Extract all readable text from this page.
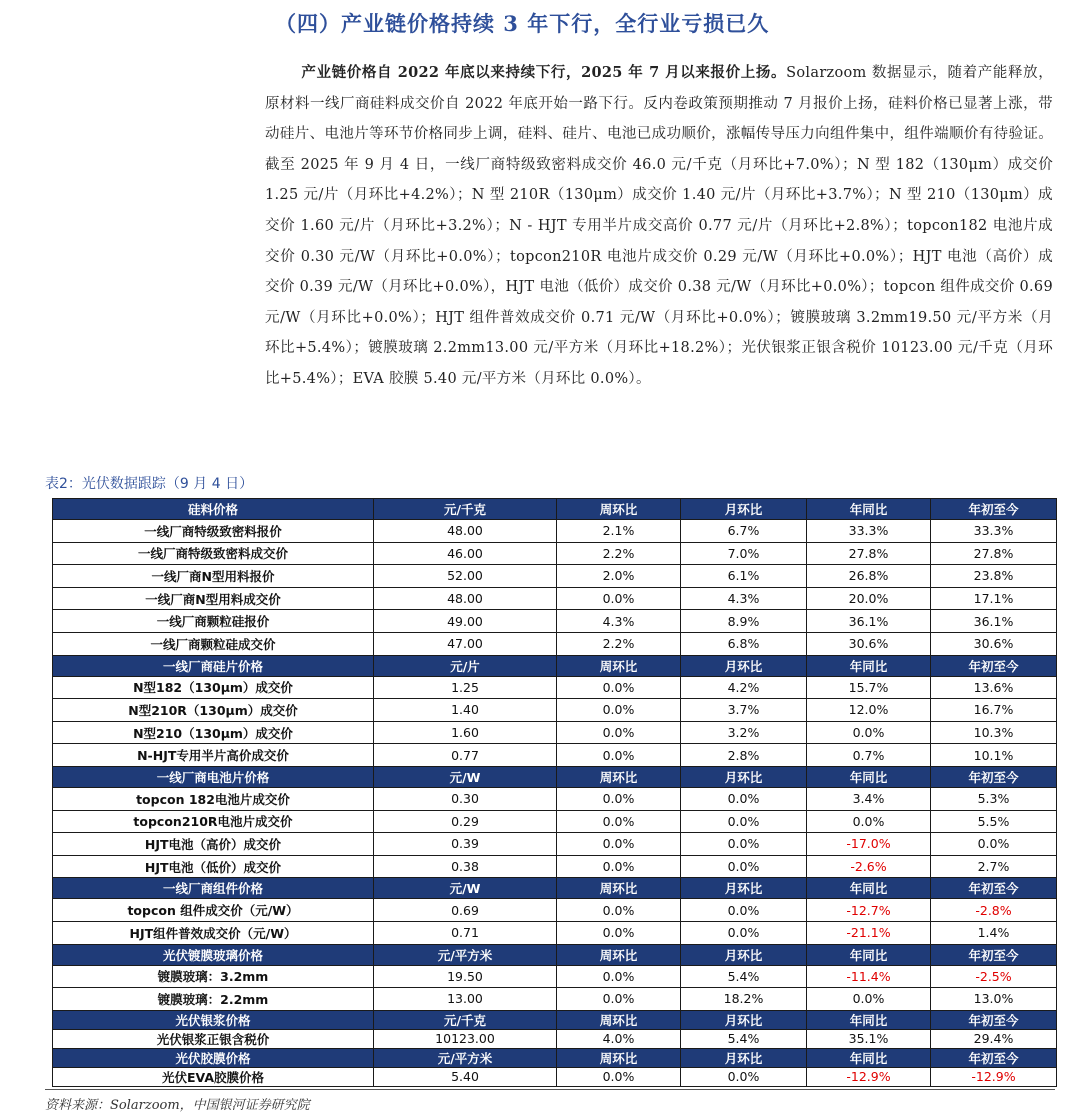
（四）产业链价格持续 3 年下行，全行业亏损已久
产业链价格自 2022 年底以来持续下行，2025 年 7 月以来报价上扬。Solarzoom 数据显示，随着产能释放，原材料一线厂商硅料成交价自 2022 年底开始一路下行。反内卷政策预期推动 7 月报价上扬，硅料价格已显著上涨，带动硅片、电池片等环节价格同步上调，硅料、硅片、电池已成功顺价，涨幅传导压力向组件集中，组件端顺价有待验证。截至 2025 年 9 月 4 日，一线厂商特级致密料成交价 46.0 元/千克（月环比+7.0%）；N 型 182（130μm）成交价 1.25 元/片（月环比+4.2%）；N 型 210R（130μm）成交价 1.40 元/片（月环比+3.7%）；N 型 210（130μm）成交价 1.60 元/片（月环比+3.2%）；N - HJT 专用半片成交高价 0.77 元/片（月环比+2.8%）；topcon182 电池片成交价 0.30 元/W（月环比+0.0%）；topcon210R 电池片成交价 0.29 元/W（月环比+0.0%）；HJT 电池（高价）成交价 0.39 元/W（月环比+0.0%），HJT 电池（低价）成交价 0.38 元/W（月环比+0.0%）；topcon 组件成交价 0.69 元/W（月环比+0.0%）；HJT 组件普效成交价 0.71 元/W（月环比+0.0%）；镀膜玻璃 3.2mm19.50 元/平方米（月环比+5.4%）；镀膜玻璃 2.2mm13.00 元/平方米（月环比+18.2%）；光伏银浆正银含税价 10123.00 元/千克（月环比+5.4%）；EVA 胶膜 5.40 元/平方米（月环比 0.0%）。
表2：光伏数据跟踪（9 月 4 日）
硅料价格	元/千克	周环比	月环比	年同比	年初至今
一线厂商特级致密料报价	48.00	2.1%	6.7%	33.3%	33.3%
一线厂商特级致密料成交价	46.00	2.2%	7.0%	27.8%	27.8%
一线厂商N型用料报价	52.00	2.0%	6.1%	26.8%	23.8%
一线厂商N型用料成交价	48.00	0.0%	4.3%	20.0%	17.1%
一线厂商颗粒硅报价	49.00	4.3%	8.9%	36.1%	36.1%
一线厂商颗粒硅成交价	47.00	2.2%	6.8%	30.6%	30.6%
一线厂商硅片价格	元/片	周环比	月环比	年同比	年初至今
N型182（130μm）成交价	1.25	0.0%	4.2%	15.7%	13.6%
N型210R（130μm）成交价	1.40	0.0%	3.7%	12.0%	16.7%
N型210（130μm）成交价	1.60	0.0%	3.2%	0.0%	10.3%
N-HJT专用半片高价成交价	0.77	0.0%	2.8%	0.7%	10.1%
一线厂商电池片价格	元/W	周环比	月环比	年同比	年初至今
topcon 182电池片成交价	0.30	0.0%	0.0%	3.4%	5.3%
topcon210R电池片成交价	0.29	0.0%	0.0%	0.0%	5.5%
HJT电池（高价）成交价	0.39	0.0%	0.0%	-17.0%	0.0%
HJT电池（低价）成交价	0.38	0.0%	0.0%	-2.6%	2.7%
一线厂商组件价格	元/W	周环比	月环比	年同比	年初至今
topcon 组件成交价（元/W）	0.69	0.0%	0.0%	-12.7%	-2.8%
HJT组件普效成交价（元/W）	0.71	0.0%	0.0%	-21.1%	1.4%
光伏镀膜玻璃价格	元/平方米	周环比	月环比	年同比	年初至今
镀膜玻璃：3.2mm	19.50	0.0%	5.4%	-11.4%	-2.5%
镀膜玻璃：2.2mm	13.00	0.0%	18.2%	0.0%	13.0%
光伏银浆价格	元/千克	周环比	月环比	年同比	年初至今
光伏银浆正银含税价	10123.00	4.0%	5.4%	35.1%	29.4%
光伏胶膜价格	元/平方米	周环比	月环比	年同比	年初至今
光伏EVA胶膜价格	5.40	0.0%	0.0%	-12.9%	-12.9%
资料来源：Solarzoom，中国银河证券研究院
